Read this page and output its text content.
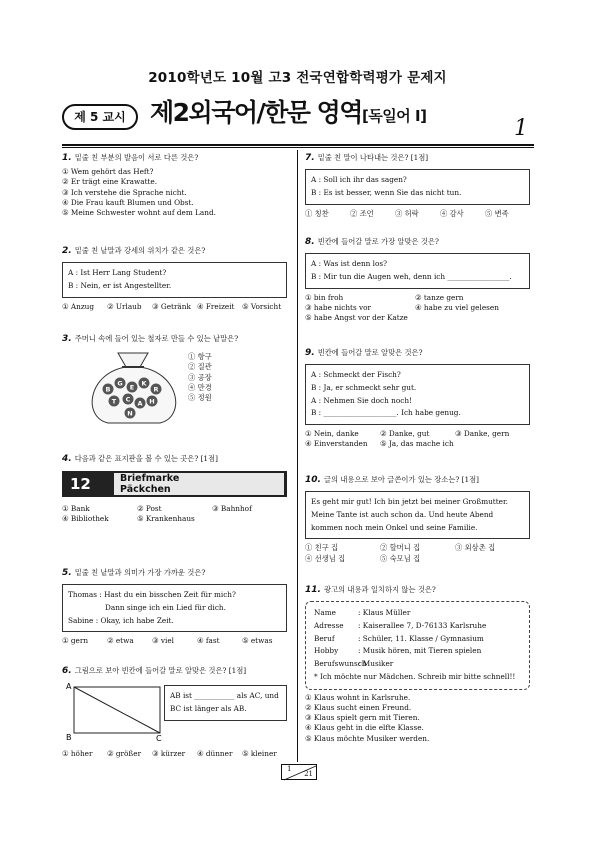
2010학년도 10월 고3 전국연합학력평가 문제지
제 5 교시 제2외국어/한문 영역[독일어 I]	1
1. 밑줄 친 부분의 발음이 서로 다른 것은?
① Wem gehört das Heft?
② Er trägt eine Krawatte.
③ Ich verstehe die Sprache nicht.
④ Die Frau kauft Blumen und Obst.
⑤ Meine Schwester wohnt auf dem Land.
2. 밑줄 친 낱말과 강세의 위치가 같은 것은?
A : Ist Herr Lang Student?
B : Nein, er ist Angestellter.
① Anzug	② Urlaub	③ Getränk ④ Freizeit	⑤ Vorsicht
3. 주머니 속에 들어 있는 철자로 만들 수 있는 낱말은?
B
G E K
R
T C A H
N
① 항구
② 질관
③ 공장
④ 만경
⑤ 정원
4. 다음과 같은 표지판을 볼 수 있는 곳은? [1점]
12	Briefmarke
Päckchen
① Bank	② Post	③ Bahnhof
④ Bibliothek	⑤ Krankenhaus
5. 밑줄 친 낱말과 의미가 가장 가까운 것은?
Thomas : Hast du ein bisschen Zeit für mich?
Dann singe ich ein Lied für dich.
Sabine : Okay, ich habe Zeit.
① gern	② etwa	③ viel	④ fast	⑤ etwas
6. 그림으로 보아 빈칸에 들어갈 말로 알맞은 것은? [1점]
A
B	C
AB ist ___________ als AC, und
BC ist länger als AB.
① höher	② größer	③ kürzer	④ dünner	⑤ kleiner
7. 밑줄 친 말이 나타내는 것은? [1점]
A : Soll ich ihr das sagen?
B : Es ist besser, wenn Sie das nicht tun.
① 칭찬	② 조언	③ 허락	④ 감사	⑤ 변족
8. 빈칸에 들어갈 말로 가장 알맞은 것은?
A : Was ist denn los?
B : Mir tun die Augen weh, denn ich _________________.
① bin froh	② tanze gern
③ habe nichts vor	④ habe zu viel gelesen
⑤ habe Angst vor der Katze
9. 빈칸에 들어갈 말로 알맞은 것은?
A : Schmeckt der Fisch?
B : Ja, er schmeckt sehr gut.
A : Nehmen Sie doch noch!
B : ____________________. Ich habe genug.
① Nein, danke	② Danke, gut	③ Danke, gern
④ Einverstanden	⑤ Ja, das mache ich
10. 글의 내용으로 보아 글쓴이가 있는 장소는? [1점]
Es geht mir gut! Ich bin jetzt bei meiner Großmutter.
Meine Tante ist auch schon da. Und heute Abend
kommen noch mein Onkel und seine Familie.
① 친구 집	② 할머니 집	③ 외삼촌 집
④ 선생님 집	⑤ 숙모님 집
11. 광고의 내용과 일치하지 않는 것은?
Name	: Klaus Müller
Adresse : Kaiserallee 7, D-76133 Karlsruhe
Beruf	: Schüler, 11. Klasse / Gymnasium
Hobby	: Musik hören, mit Tieren spielen
Berufswunsch: Musiker
* Ich möchte nur Mädchen. Schreib mir bitte schnell!!
① Klaus wohnt in Karlsruhe.
② Klaus sucht einen Freund.
③ Klaus spielt gern mit Tieren.
④ Klaus geht in die elfte Klasse.
⑤ Klaus möchte Musiker werden.
1
21
